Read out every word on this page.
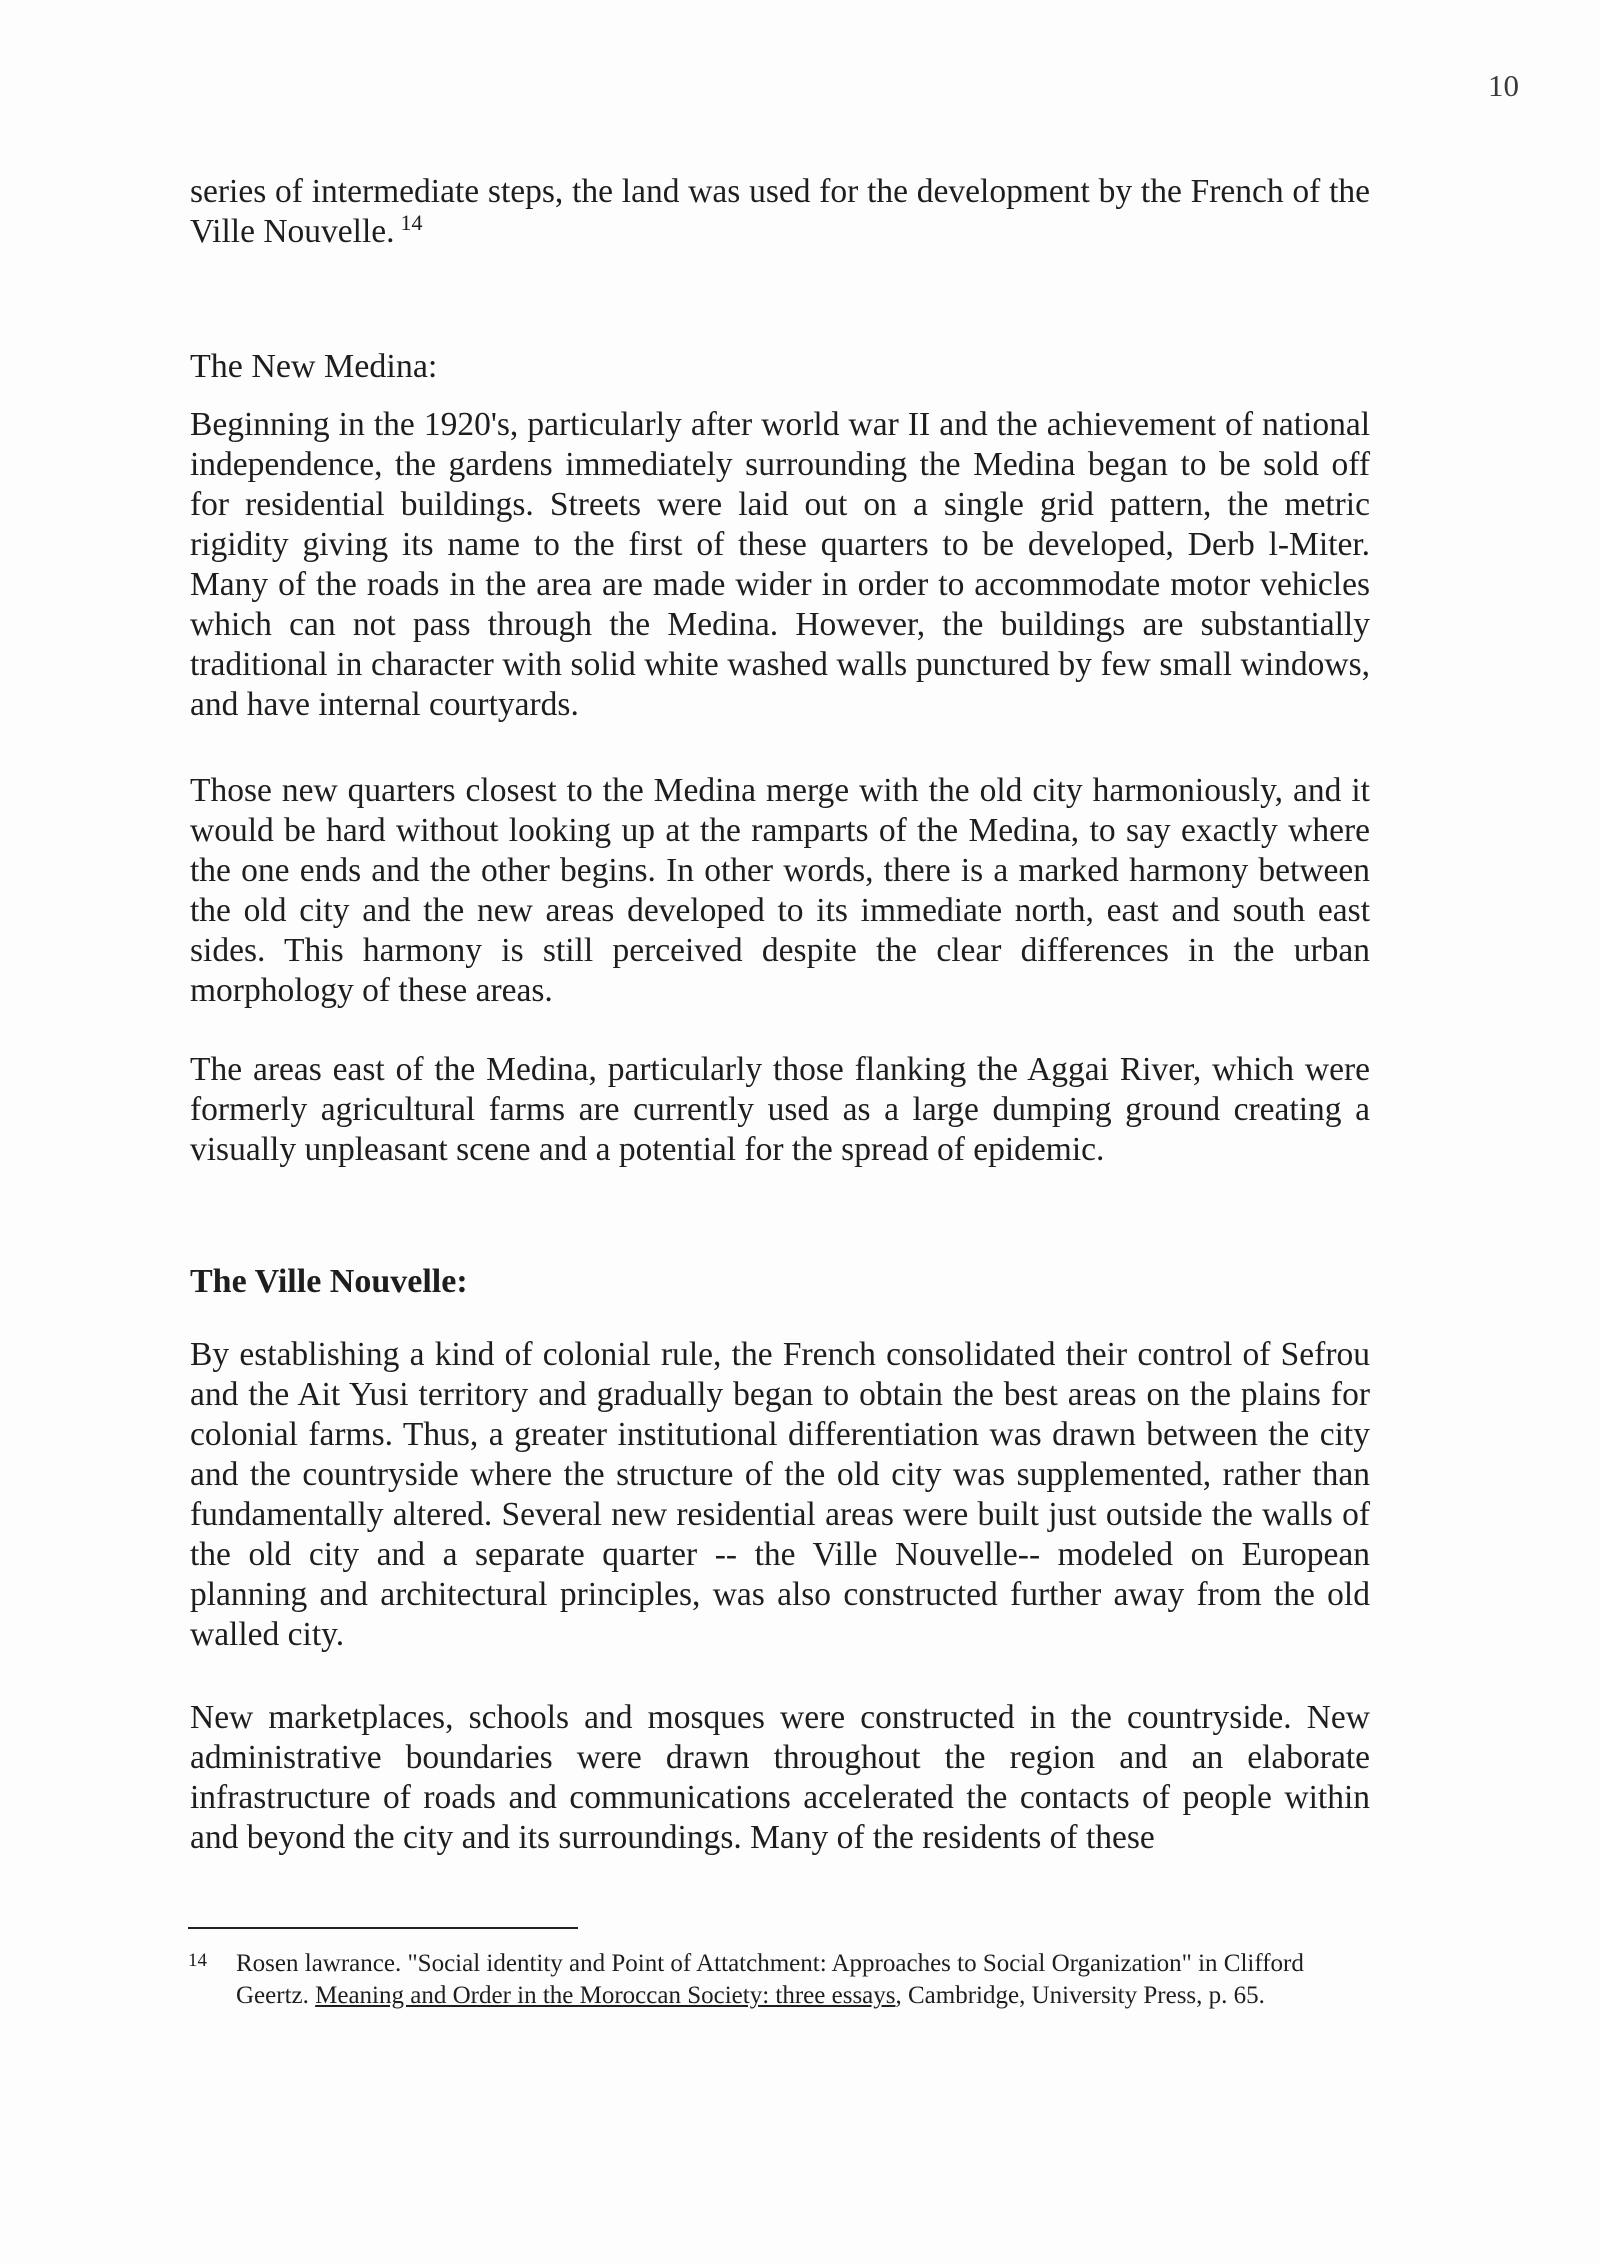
10

series of intermediate steps, the land was used for the development by the French of the Ville Nouvelle. $^{14}$

The New Medina:

Beginning in the 1920's, particularly after world war II and the achievement of national independence, the gardens immediately surrounding the Medina began to be sold off for residential buildings. Streets were laid out on a single grid pattern, the metric rigidity giving its name to the first of these quarters to be developed, Derb l-Miter. Many of the roads in the area are made wider in order to accommodate motor vehicles which can not pass through the Medina. However, the buildings are substantially traditional in character with solid white washed walls punctured by few small windows, and have internal courtyards.

Those new quarters closest to the Medina merge with the old city harmoniously, and it would be hard without looking up at the ramparts of the Medina, to say exactly where the one ends and the other begins. In other words, there is a marked harmony between the old city and the new areas developed to its immediate north, east and south east sides. This harmony is still perceived despite the clear differences in the urban morphology of these areas.

The areas east of the Medina, particularly those flanking the Aggai River, which were formerly agricultural farms are currently used as a large dumping ground creating a visually unpleasant scene and a potential for the spread of epidemic.

The Ville Nouvelle:

By establishing a kind of colonial rule, the French consolidated their control of Sefrou and the Ait Yusi territory and gradually began to obtain the best areas on the plains for colonial farms. Thus, a greater institutional differentiation was drawn between the city and the countryside where the structure of the old city was supplemented, rather than fundamentally altered. Several new residential areas were built just outside the walls of the old city and a separate quarter -- the Ville Nouvelle-- modeled on European planning and architectural principles, was also constructed further away from the old walled city.

New marketplaces, schools and mosques were constructed in the countryside. New administrative boundaries were drawn throughout the region and an elaborate infrastructure of roads and communications accelerated the contacts of people within and beyond the city and its surroundings. Many of the residents of these

14	Rosen lawrance. "Social identity and Point of Attatchment: Approaches to Social Organization" in Clifford Geertz. Meaning and Order in the Moroccan Society: three essays, Cambridge, University Press, p. 65.
